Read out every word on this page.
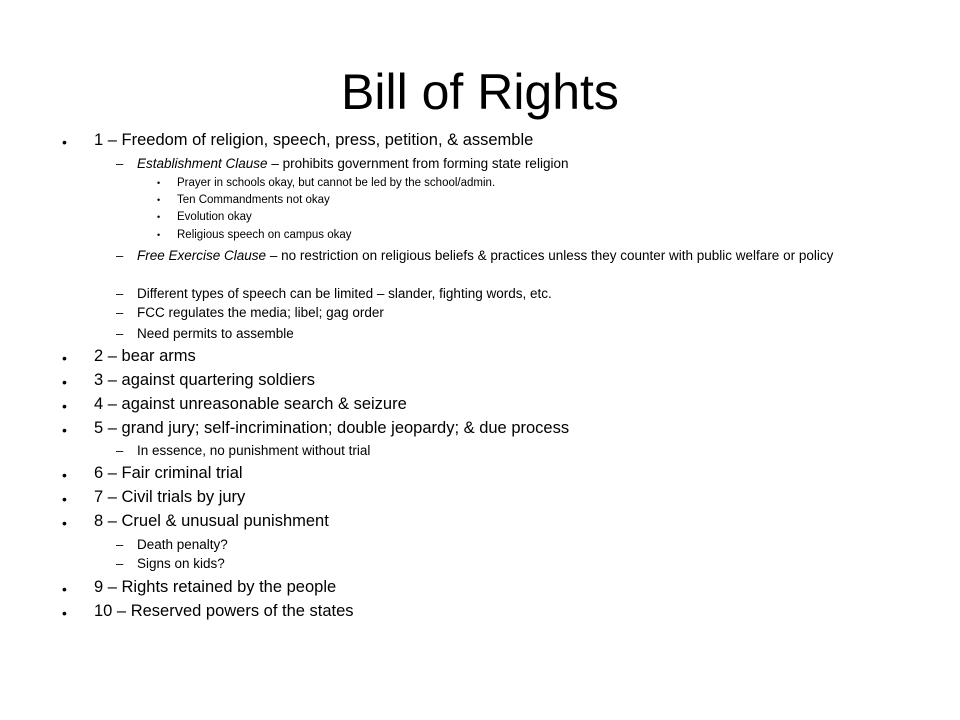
Bill of Rights
• 1 – Freedom of religion, speech, press, petition, & assemble
– Establishment Clause – prohibits government from forming state religion
• Prayer in schools okay, but cannot be led by the school/admin.
• Ten Commandments not okay
• Evolution okay
• Religious speech on campus okay
– Free Exercise Clause – no restriction on religious beliefs & practices unless they counter with public welfare or policy
– Different types of speech can be limited – slander, fighting words, etc.
– FCC regulates the media; libel; gag order
– Need permits to assemble
• 2 – bear arms
• 3 – against quartering soldiers
• 4 – against unreasonable search & seizure
• 5 – grand jury; self-incrimination; double jeopardy; & due process
– In essence, no punishment without trial
• 6 – Fair criminal trial
• 7 – Civil trials by jury
• 8 – Cruel & unusual punishment
– Death penalty?
– Signs on kids?
• 9 – Rights retained by the people
• 10 – Reserved powers of the states
